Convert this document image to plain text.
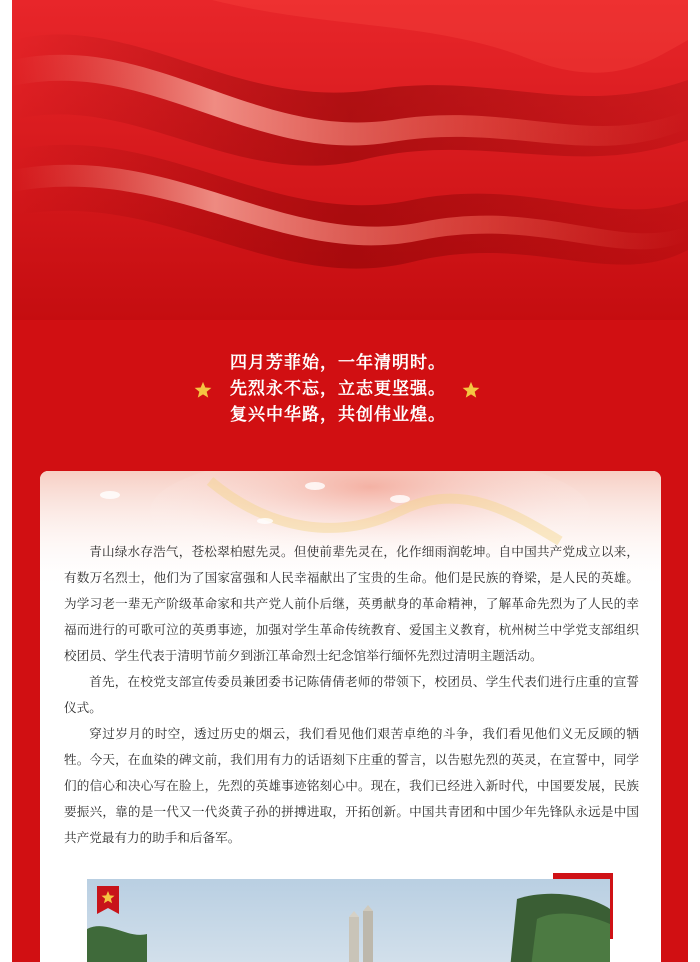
四月芳菲始，一年清明时。
先烈永不忘，立志更坚强。
复兴中华路，共创伟业煌。

青山绿水存浩气，苍松翠柏慰先灵。但使前辈先灵在，化作细雨润乾坤。自中国共产党成立以来，有数万名烈士，他们为了国家富强和人民幸福献出了宝贵的生命。他们是民族的脊梁，是人民的英雄。为学习老一辈无产阶级革命家和共产党人前仆后继，英勇献身的革命精神，了解革命先烈为了人民的幸福而进行的可歌可泣的英勇事迹，加强对学生革命传统教育、爱国主义教育，杭州树兰中学党支部组织校团员、学生代表于清明节前夕到浙江革命烈士纪念馆举行缅怀先烈过清明主题活动。

首先，在校党支部宣传委员兼团委书记陈倩倩老师的带领下，校团员、学生代表们进行庄重的宣誓仪式。

穿过岁月的时空，透过历史的烟云，我们看见他们艰苦卓绝的斗争，我们看见他们义无反顾的牺牲。今天，在血染的碑文前，我们用有力的话语刻下庄重的誓言，以告慰先烈的英灵，在宣誓中，同学们的信心和决心写在脸上，先烈的英雄事迹铭刻心中。现在，我们已经进入新时代，中国要发展，民族要振兴，靠的是一代又一代炎黄子孙的拼搏进取，开拓创新。中国共青团和中国少年先锋队永远是中国共产党最有力的助手和后备军。
